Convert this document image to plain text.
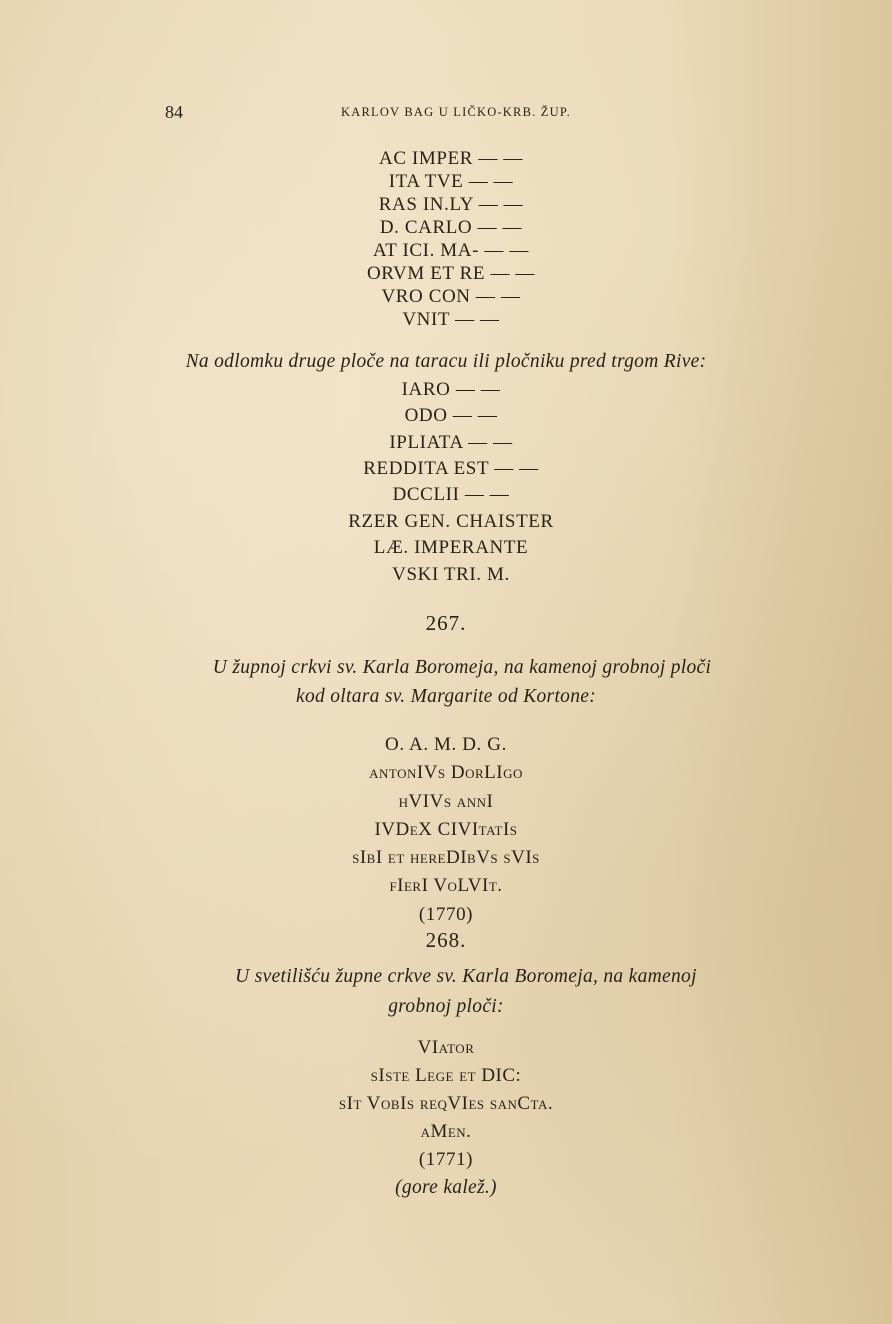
84	KARLOV BAG U LIČKO-KRB. ŽUP.
AC IMPER — —
ITA TVE — —
RAS IN.LY — —
D. CARLO — —
AT ICI. MA- — —
ORVM ET RE — —
VRO CON — —
VNIT — —
Na odlomku druge ploče na taracu ili pločniku pred trgom Rive:
IARO — —
ODO — —
IPLIATA — —
REDDITA EST — —
DCCLII — —
RZER GEN. CHAISTER
LÆ. IMPERANTE
VSKI TRI. M.
267.
U župnoj crkvi sv. Karla Boromeja, na kamenoj grobnoj ploči
kod oltara sv. Margarite od Kortone:
O. A. M. D. G.
antonIVs DorLIgo
hVIVs annI
IVDeX CIVItatIs
sIbI et hereDIbVs sVIs
fIerI VoLVIt.
(1770)
268.
U svetilišću župne crkve sv. Karla Boromeja, na kamenoj
grobnoj ploči:
VIator
sIste Lege et DIC:
sIt VobIs reqVIes sanCta.
aMen.
(1771)
(gore kalež.)
